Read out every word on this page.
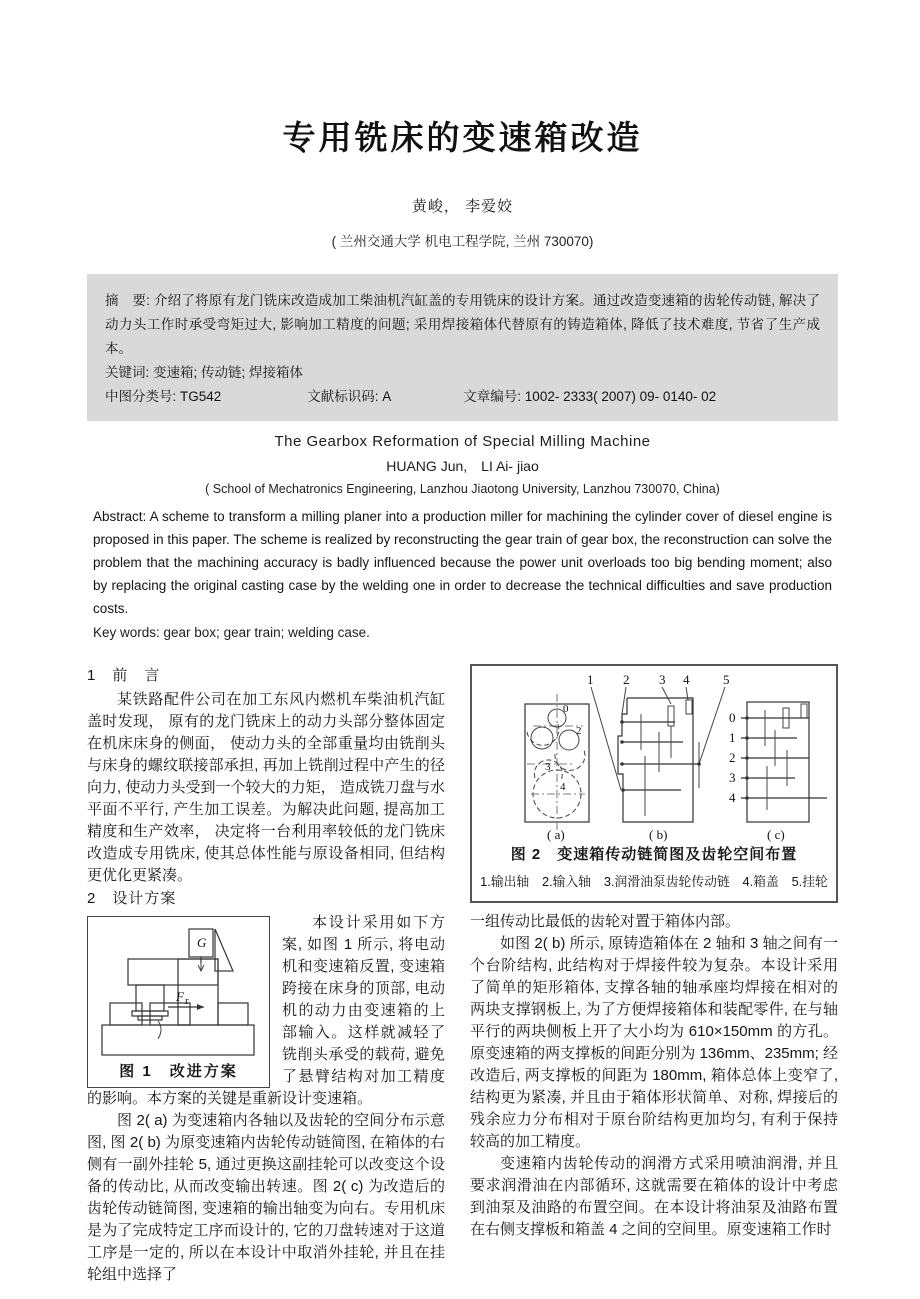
专用铣床的变速箱改造
黄峻， 李爱姣
( 兰州交通大学 机电工程学院, 兰州 730070)

摘　要: 介绍了将原有龙门铣床改造成加工柴油机汽缸盖的专用铣床的设计方案。通过改造变速箱的齿轮传动链, 解决了动力头工作时承受弯矩过大, 影响加工精度的问题; 采用焊接箱体代替原有的铸造箱体, 降低了技术难度, 节省了生产成本。

关键词: 变速箱; 传动链; 焊接箱体

中图分类号: TG542	文献标识码: A	文章编号: 1002- 2333( 2007) 09- 0140- 02
The Gearbox Reformation of Special Milling Machine
HUANG Jun,　LI Ai- jiao
( School of Mechatronics Engineering, Lanzhou Jiaotong University, Lanzhou 730070, China)

Abstract: A scheme to transform a milling planer into a production miller for machining the cylinder cover of diesel engine is proposed in this paper. The scheme is realized by reconstructing the gear train of gear box, the reconstruction can solve the problem that the machining accuracy is badly influenced because the power unit overloads too big bending moment; also by replacing the original casting case by the welding one in order to decrease the technical difficulties and save production costs.

Key words: gear box; gear train; welding case.

1　前　言

某铁路配件公司在加工东风内燃机车柴油机汽缸盖时发现， 原有的龙门铣床上的动力头部分整体固定在机床床身的侧面， 使动力头的全部重量均由铣削头与床身的螺纹联接部承担, 再加上铣削过程中产生的径向力, 使动力头受到一个较大的力矩， 造成铣刀盘与水平面不平行, 产生加工误差。为解决此问题, 提高加工精度和生产效率， 决定将一台利用率较低的龙门铣床改造成专用铣床, 使其总体性能与原设备相同, 但结构更优化更紧凑。

2　设计方案
G
F r
图 1　改进方案

本设计采用如下方案, 如图 1 所示, 将电动机和变速箱反置, 变速箱跨接在床身的顶部, 电动机的动力由变速箱的上部输入。这样就减轻了铣削头承受的载荷, 避免了悬臂结构对加工精度的影响。本方案的关键是重新设计变速箱。

图 2( a) 为变速箱内各轴以及齿轮的空间分布示意图, 图 2( b) 为原变速箱内齿轮传动链简图, 在箱体的右侧有一副外挂轮 5, 通过更换这副挂轮可以改变这个设备的传动比, 从而改变输出转速。图 2( c) 为改造后的齿轮传动链简图, 变速箱的输出轴变为向右。专用机床是为了完成特定工序而设计的, 它的刀盘转速对于这道工序是一定的, 所以在本设计中取消外挂轮, 并且在挂轮组中选择了

1 2 3 4	5
0
2
3
4
0
1
2
3
4
( a)	( b)	( c)
图 2　变速箱传动链简图及齿轮空间布置
1.输出轴　2.输入轴　3.润滑油泵齿轮传动链　4.箱盖　5.挂轮

一组传动比最低的齿轮对置于箱体内部。

如图 2( b) 所示, 原铸造箱体在 2 轴和 3 轴之间有一个台阶结构, 此结构对于焊接件较为复杂。本设计采用了简单的矩形箱体, 支撑各轴的轴承座均焊接在相对的两块支撑钢板上, 为了方便焊接箱体和装配零件, 在与轴平行的两块侧板上开了大小均为 610×150mm 的方孔。原变速箱的两支撑板的间距分别为 136mm、235mm; 经改造后, 两支撑板的间距为 180mm, 箱体总体上变窄了, 结构更为紧凑, 并且由于箱体形状简单、对称, 焊接后的残余应力分布相对于原台阶结构更加均匀, 有利于保持较高的加工精度。

变速箱内齿轮传动的润滑方式采用喷油润滑, 并且要求润滑油在内部循环, 这就需要在箱体的设计中考虑到油泵及油路的布置空间。在本设计将油泵及油路布置在右侧支撑板和箱盖 4 之间的空间里。原变速箱工作时
